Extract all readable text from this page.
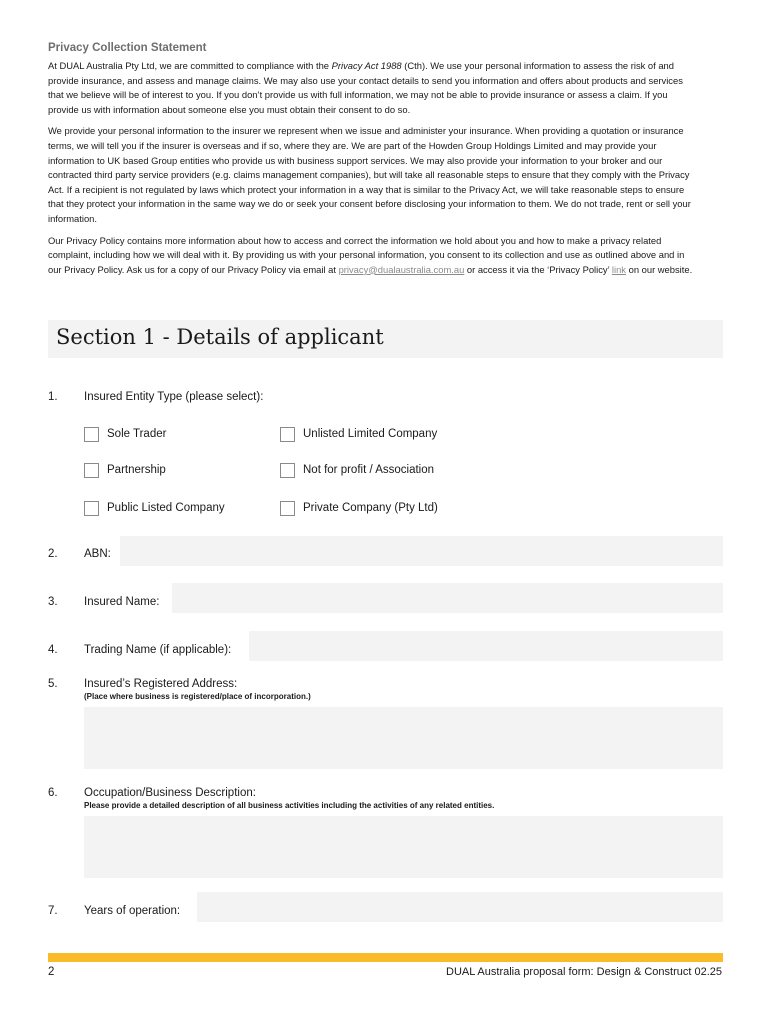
Privacy Collection Statement

At DUAL Australia Pty Ltd, we are committed to compliance with the Privacy Act 1988 (Cth). We use your personal information to assess the risk of and provide insurance, and assess and manage claims. We may also use your contact details to send you information and offers about products and services that we believe will be of interest to you. If you don’t provide us with full information, we may not be able to provide insurance or assess a claim. If you provide us with information about someone else you must obtain their consent to do so.

We provide your personal information to the insurer we represent when we issue and administer your insurance. When providing a quotation or insurance terms, we will tell you if the insurer is overseas and if so, where they are. We are part of the Howden Group Holdings Limited and may provide your information to UK based Group entities who provide us with business support services. We may also provide your information to your broker and our contracted third party service providers (e.g. claims management companies), but will take all reasonable steps to ensure that they comply with the Privacy Act. If a recipient is not regulated by laws which protect your information in a way that is similar to the Privacy Act, we will take reasonable steps to ensure that they protect your information in the same way we do or seek your consent before disclosing your information to them. We do not trade, rent or sell your information.

Our Privacy Policy contains more information about how to access and correct the information we hold about you and how to make a privacy related complaint, including how we will deal with it. By providing us with your personal information, you consent to its collection and use as outlined above and in our Privacy Policy. Ask us for a copy of our Privacy Policy via email at privacy@dualaustralia.com.au or access it via the ‘Privacy Policy’ link on our website.

Section 1 - Details of applicant
1. Insured Entity Type (please select):
Sole Trader	Unlisted Limited Company
Partnership	Not for profit / Association
Public Listed Company	Private Company (Pty Ltd)
2. ABN:
3. Insured Name:
4. Trading Name (if applicable):
5. Insured’s Registered Address:
(Place where business is registered/place of incorporation.)
6. Occupation/Business Description:
Please provide a detailed description of all business activities including the activities of any related entities.
7. Years of operation:
2	DUAL Australia proposal form: Design & Construct 02.25
